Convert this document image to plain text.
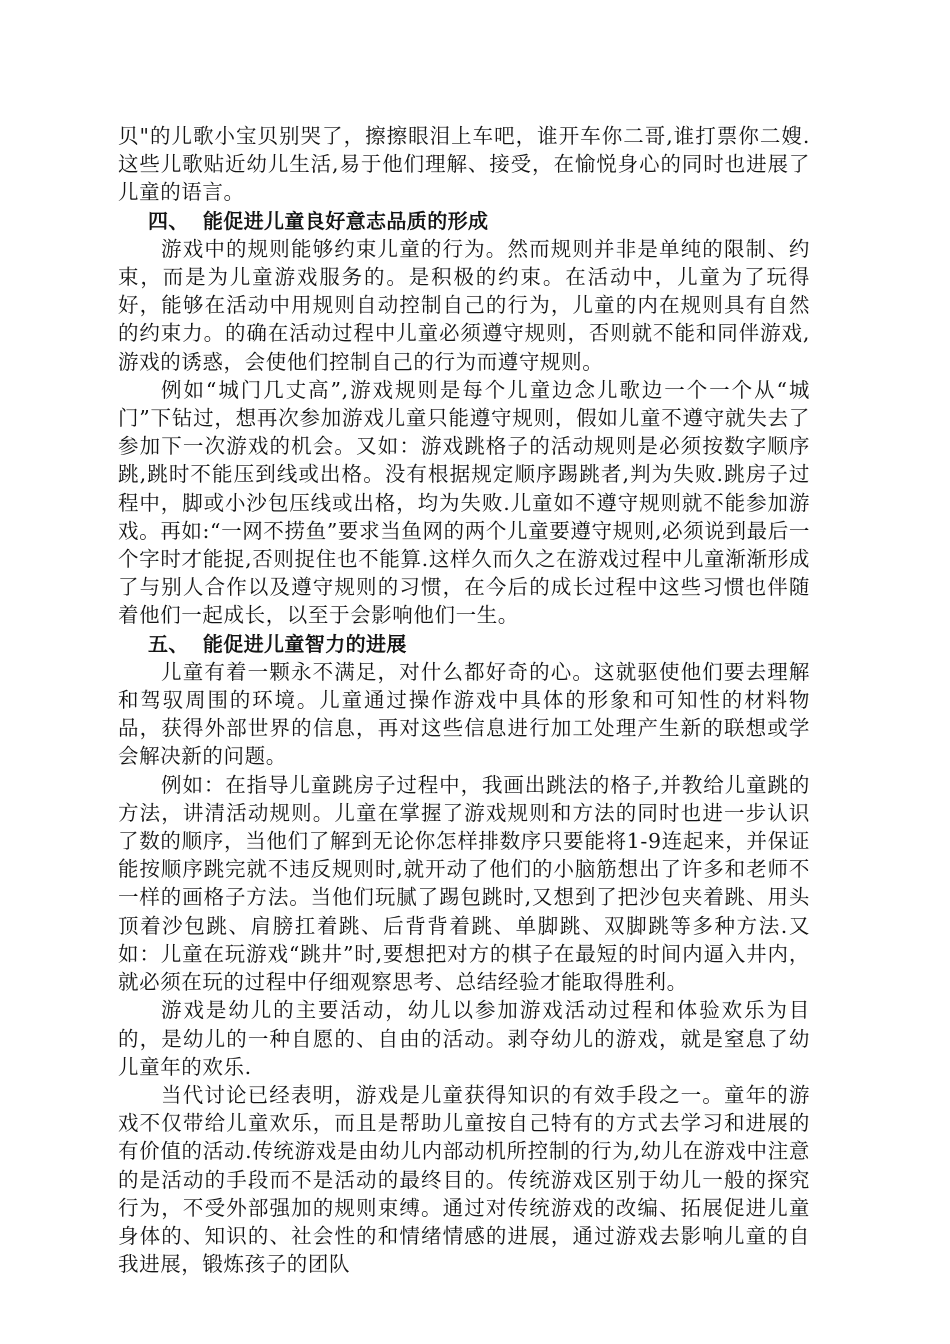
贝"的儿歌小宝贝别哭了，擦擦眼泪上车吧，谁开车你二哥,谁打票你二嫂.这些儿歌贴近幼儿生活,易于他们理解、接受，在愉悦身心的同时也进展了儿童的语言。

四、 能促进儿童良好意志品质的形成

游戏中的规则能够约束儿童的行为。然而规则并非是单纯的限制、约束，而是为儿童游戏服务的。是积极的约束。在活动中，儿童为了玩得好，能够在活动中用规则自动控制自己的行为，儿童的内在规则具有自然的约束力。的确在活动过程中儿童必须遵守规则，否则就不能和同伴游戏,游戏的诱惑，会使他们控制自己的行为而遵守规则。

例如“城门几丈高”,游戏规则是每个儿童边念儿歌边一个一个从“城门”下钻过，想再次参加游戏儿童只能遵守规则，假如儿童不遵守就失去了参加下一次游戏的机会。又如：游戏跳格子的活动规则是必须按数字顺序跳,跳时不能压到线或出格。没有根据规定顺序踢跳者,判为失败.跳房子过程中，脚或小沙包压线或出格，均为失败.儿童如不遵守规则就不能参加游戏。再如:“一网不捞鱼”要求当鱼网的两个儿童要遵守规则,必须说到最后一个字时才能捉,否则捉住也不能算.这样久而久之在游戏过程中儿童渐渐形成了与别人合作以及遵守规则的习惯，在今后的成长过程中这些习惯也伴随着他们一起成长，以至于会影响他们一生。

五、 能促进儿童智力的进展

儿童有着一颗永不满足，对什么都好奇的心。这就驱使他们要去理解和驾驭周围的环境。儿童通过操作游戏中具体的形象和可知性的材料物品，获得外部世界的信息，再对这些信息进行加工处理产生新的联想或学会解决新的问题。

例如：在指导儿童跳房子过程中，我画出跳法的格子,并教给儿童跳的方法，讲清活动规则。儿童在掌握了游戏规则和方法的同时也进一步认识了数的顺序，当他们了解到无论你怎样排数序只要能将1-9连起来，并保证能按顺序跳完就不违反规则时,就开动了他们的小脑筋想出了许多和老师不一样的画格子方法。当他们玩腻了踢包跳时,又想到了把沙包夹着跳、用头顶着沙包跳、肩膀扛着跳、后背背着跳、单脚跳、双脚跳等多种方法.又如：儿童在玩游戏“跳井”时,要想把对方的棋子在最短的时间内逼入井内，就必须在玩的过程中仔细观察思考、总结经验才能取得胜利。

游戏是幼儿的主要活动，幼儿以参加游戏活动过程和体验欢乐为目的，是幼儿的一种自愿的、自由的活动。剥夺幼儿的游戏，就是窒息了幼儿童年的欢乐.

当代讨论已经表明，游戏是儿童获得知识的有效手段之一。童年的游戏不仅带给儿童欢乐，而且是帮助儿童按自己特有的方式去学习和进展的有价值的活动.传统游戏是由幼儿内部动机所控制的行为,幼儿在游戏中注意的是活动的手段而不是活动的最终目的。传统游戏区别于幼儿一般的探究行为，不受外部强加的规则束缚。通过对传统游戏的改编、拓展促进儿童身体的、知识的、社会性的和情绪情感的进展，通过游戏去影响儿童的自我进展，锻炼孩子的团队
